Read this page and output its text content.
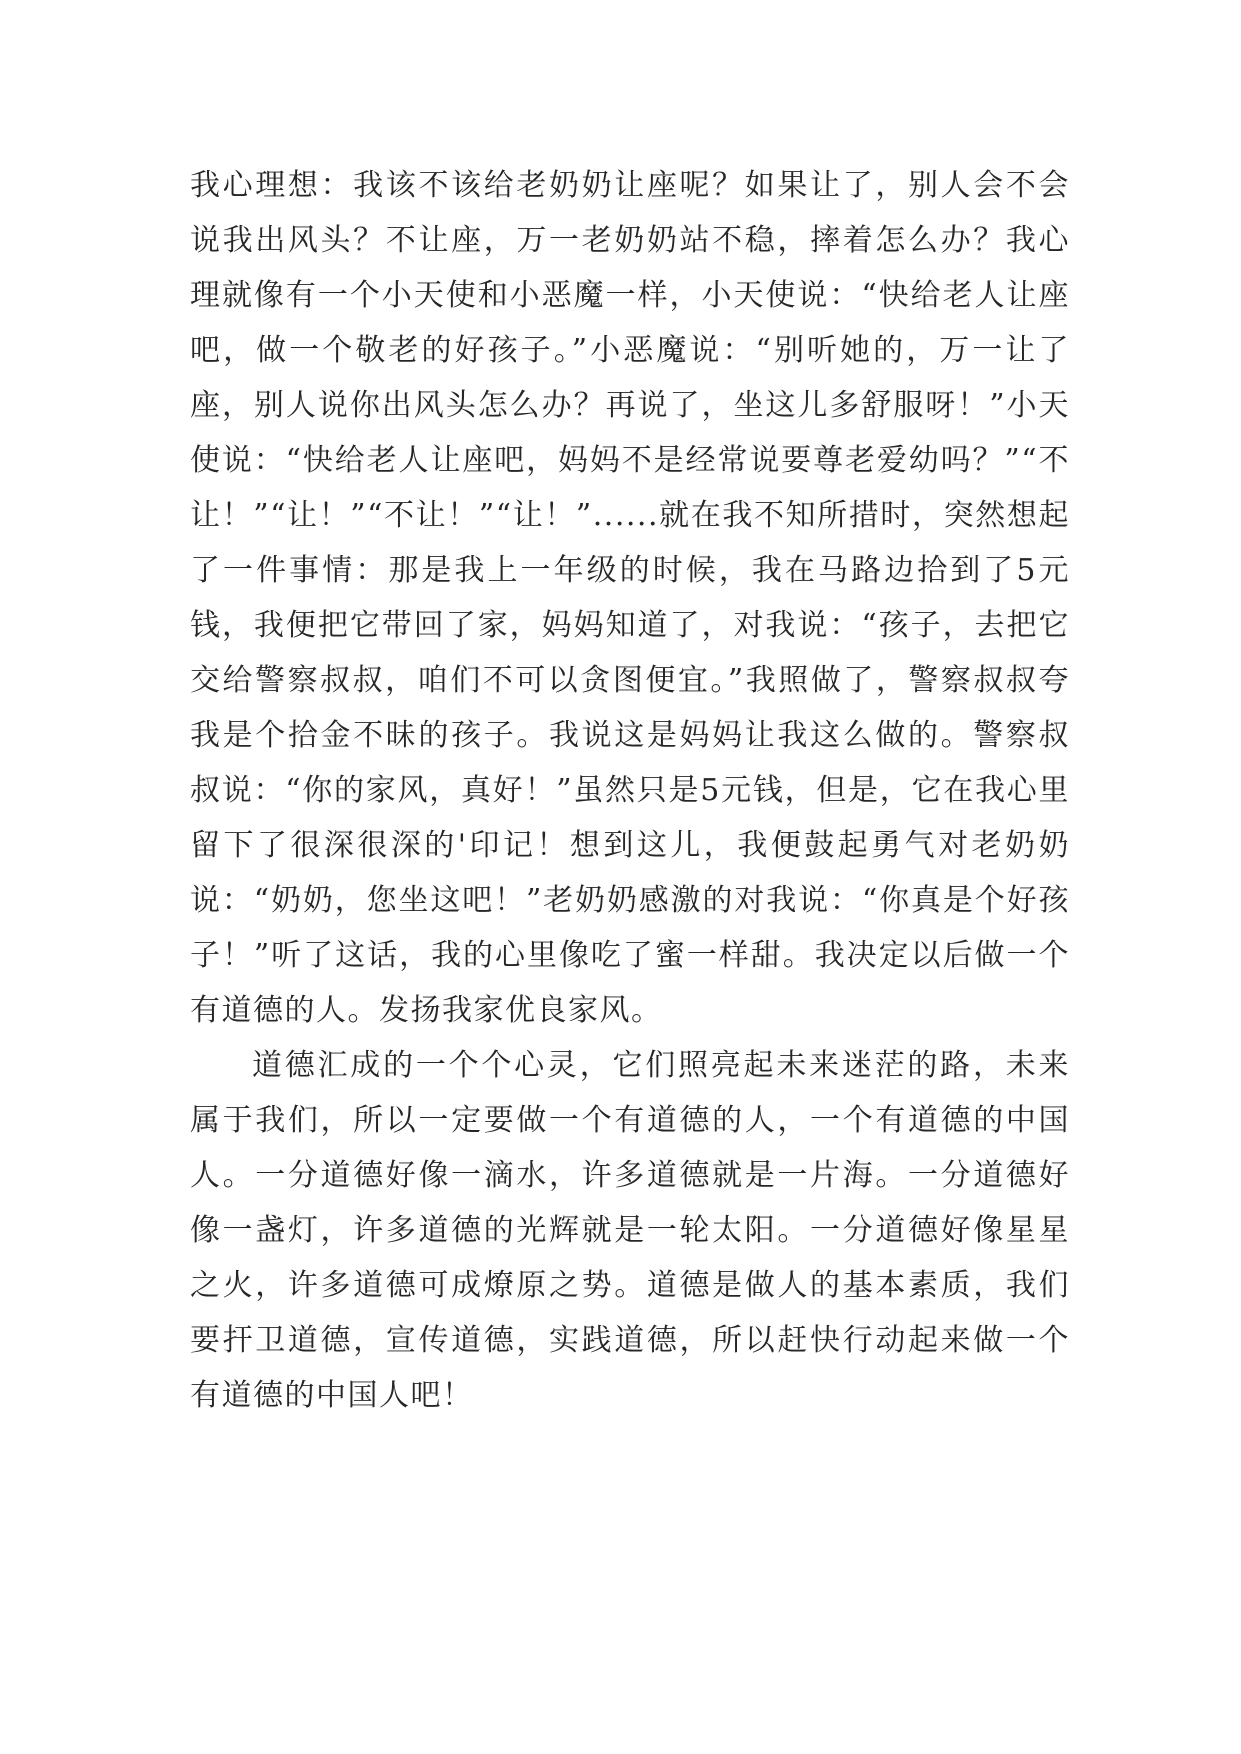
我心理想：我该不该给老奶奶让座呢？如果让了，别人会不会说我出风头？不让座，万一老奶奶站不稳，摔着怎么办？我心理就像有一个小天使和小恶魔一样，小天使说：“快给老人让座吧，做一个敬老的好孩子。”小恶魔说：“别听她的，万一让了座，别人说你出风头怎么办？再说了，坐这儿多舒服呀！”小天使说：“快给老人让座吧，妈妈不是经常说要尊老爱幼吗？”“不让！”“让！”“不让！”“让！”......就在我不知所措时，突然想起了一件事情：那是我上一年级的时候，我在马路边拾到了5元钱，我便把它带回了家，妈妈知道了，对我说：“孩子，去把它交给警察叔叔，咱们不可以贪图便宜。”我照做了，警察叔叔夸我是个拾金不昧的孩子。我说这是妈妈让我这么做的。警察叔叔说：“你的家风，真好！”虽然只是5元钱，但是，它在我心里留下了很深很深的'印记！想到这儿，我便鼓起勇气对老奶奶说：“奶奶，您坐这吧！”老奶奶感激的对我说：“你真是个好孩子！”听了这话，我的心里像吃了蜜一样甜。我决定以后做一个有道德的人。发扬我家优良家风。

道德汇成的一个个心灵，它们照亮起未来迷茫的路，未来属于我们，所以一定要做一个有道德的人，一个有道德的中国人。一分道德好像一滴水，许多道德就是一片海。一分道德好像一盏灯，许多道德的光辉就是一轮太阳。一分道德好像星星之火，许多道德可成燎原之势。道德是做人的基本素质，我们要扞卫道德，宣传道德，实践道德，所以赶快行动起来做一个有道德的中国人吧！
